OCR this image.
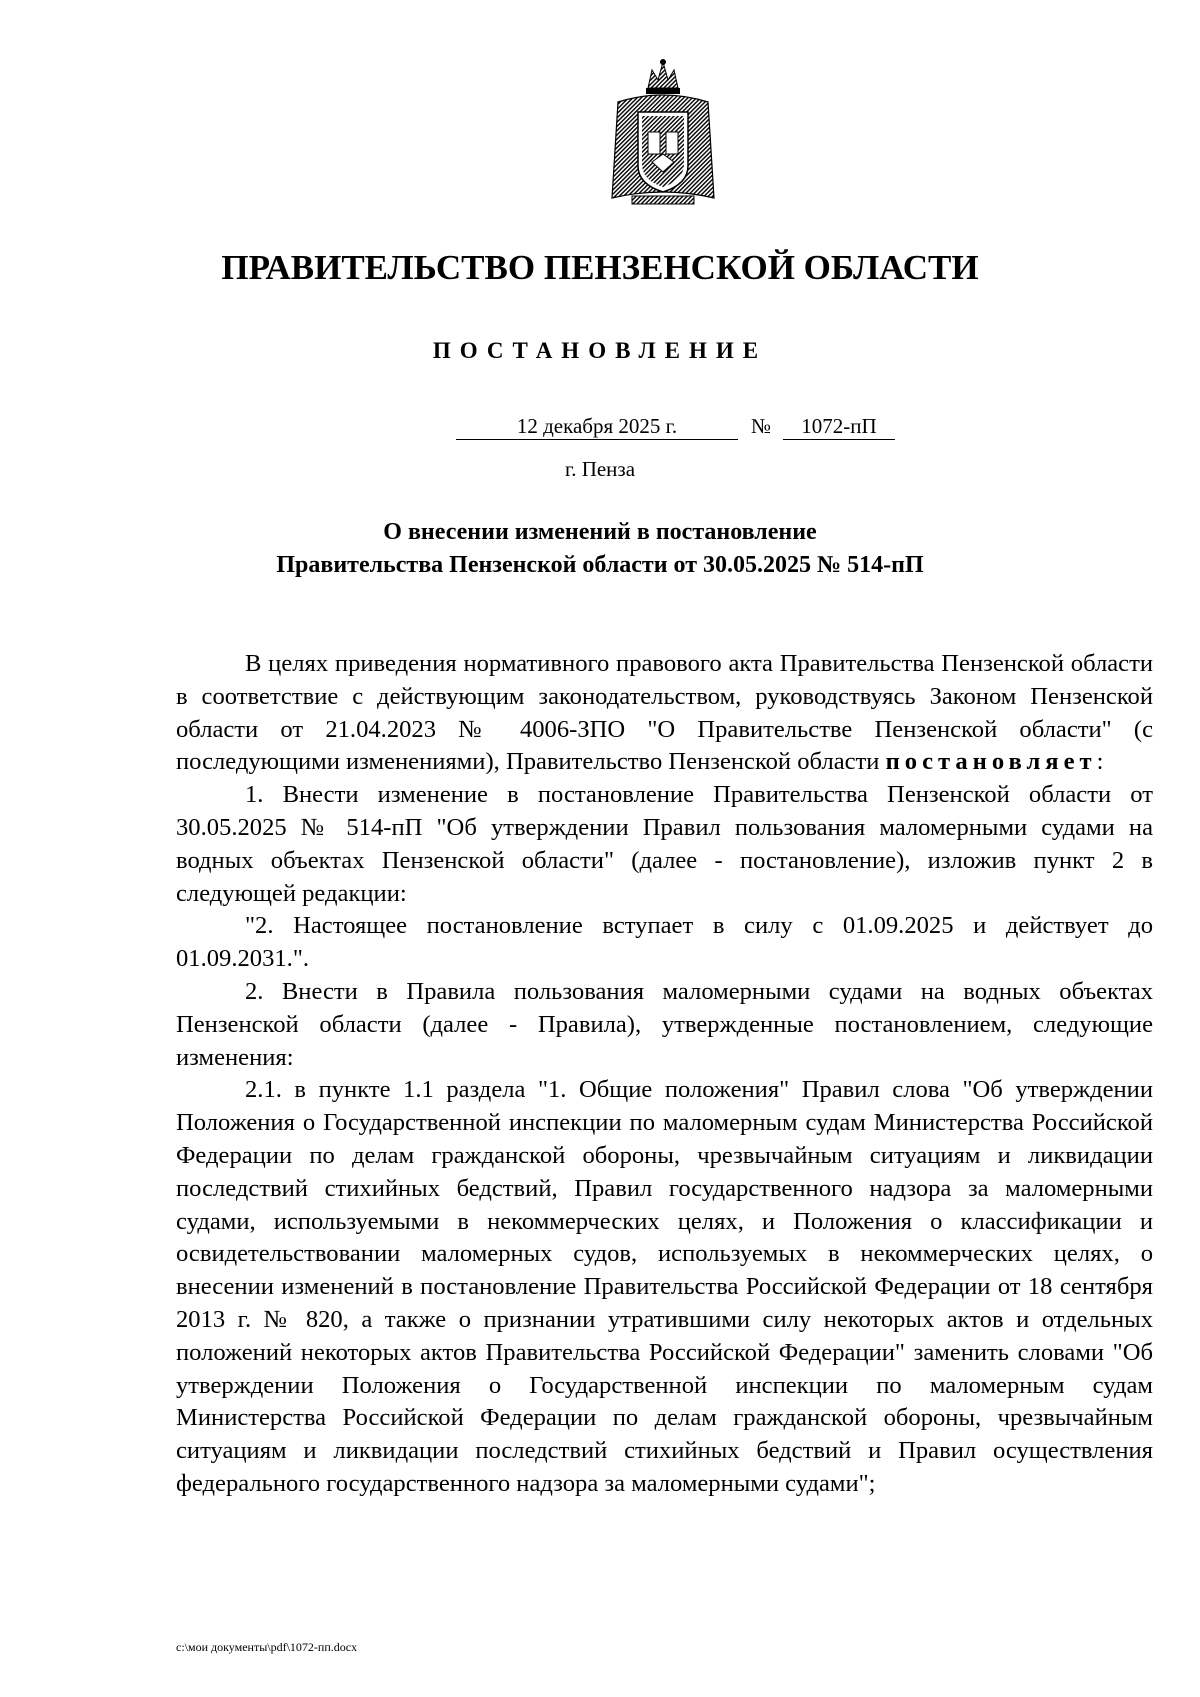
ПРАВИТЕЛЬСТВО ПЕНЗЕНСКОЙ ОБЛАСТИ
ПОСТАНОВЛЕНИЕ
12 декабря 2025 г.	№	1072-пП
г. Пенза
О внесении изменений в постановление
Правительства Пензенской области от 30.05.2025 № 514-пП

В целях приведения нормативного правового акта Правительства Пензенской области в соответствие с действующим законодательством, руководствуясь Законом Пензенской области от 21.04.2023 № 4006-ЗПО "О Правительстве Пензенской области" (с последующими изменениями), Правительство Пензенской области постановляет:

1. Внести изменение в постановление Правительства Пензенской области от 30.05.2025 № 514-пП "Об утверждении Правил пользования маломерными судами на водных объектах Пензенской области" (далее - постановление), изложив пункт 2 в следующей редакции:

"2. Настоящее постановление вступает в силу с 01.09.2025 и действует до 01.09.2031.".

2. Внести в Правила пользования маломерными судами на водных объектах Пензенской области (далее - Правила), утвержденные постановлением, следующие изменения:

2.1. в пункте 1.1 раздела "1. Общие положения" Правил слова "Об утверждении Положения о Государственной инспекции по маломерным судам Министерства Российской Федерации по делам гражданской обороны, чрезвычайным ситуациям и ликвидации последствий стихийных бедствий, Правил государственного надзора за маломерными судами, используемыми в некоммерческих целях, и Положения о классификации и освидетельствовании маломерных судов, используемых в некоммерческих целях, о внесении изменений в постановление Правительства Российской Федерации от 18 сентября 2013 г. № 820, а также о признании утратившими силу некоторых актов и отдельных положений некоторых актов Правительства Российской Федерации" заменить словами "Об утверждении Положения о Государственной инспекции по маломерным судам Министерства Российской Федерации по делам гражданской обороны, чрезвычайным ситуациям и ликвидации последствий стихийных бедствий и Правил осуществления федерального государственного надзора за маломерными судами";

c:\мои документы\pdf\1072-пп.docx
